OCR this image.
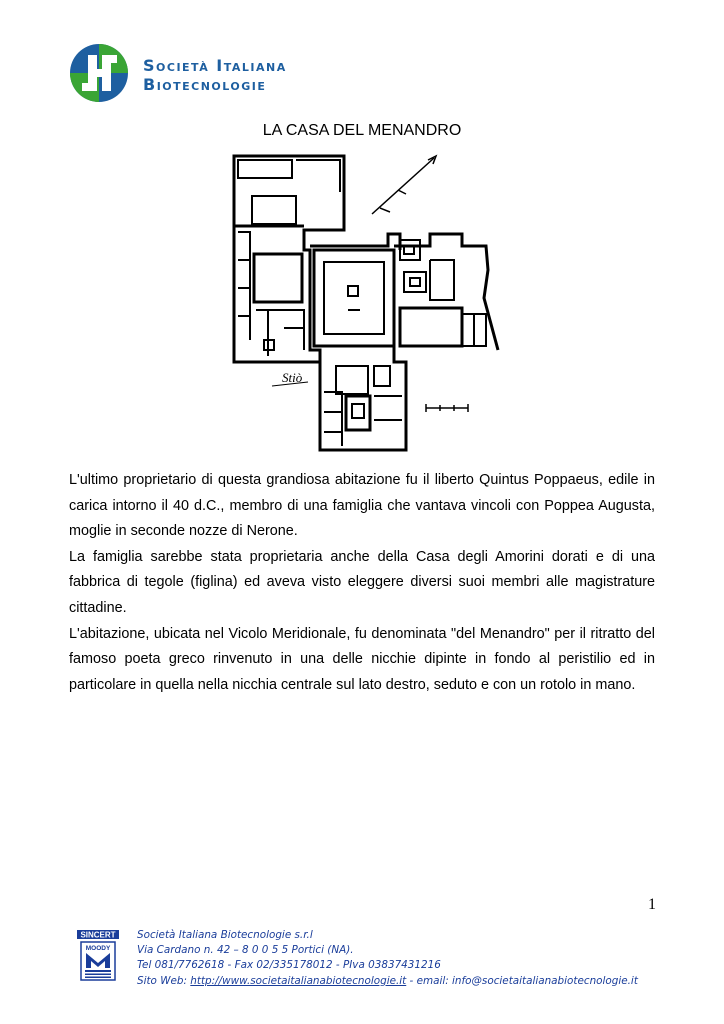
Società Italiana
Biotecnologie
LA CASA DEL MENANDRO
Stiò

L'ultimo proprietario di questa grandiosa abitazione fu il liberto Quintus Poppaeus, edile in carica intorno il 40 d.C., membro di una famiglia che vantava vincoli con Poppea Augusta, moglie in seconde nozze di Nerone.

La famiglia sarebbe stata proprietaria anche della Casa degli Amorini dorati e di una fabbrica di tegole (figlina) ed aveva visto eleggere diversi suoi membri alle magistrature cittadine.

L'abitazione, ubicata nel Vicolo Meridionale, fu denominata "del Menandro" per il ritratto del famoso poeta greco rinvenuto in una delle nicchie dipinte in fondo al peristilio ed in particolare in quella nella nicchia centrale sul lato destro, seduto e con un rotolo in mano.

1
SINCERT
MOODY
Società Italiana Biotecnologie s.r.l
Via Cardano n. 42 – 8 0 0 5 5 Portici (NA).
Tel 081/7762618 - Fax 02/335178012 - PIva 03837431216
Sito Web: http://www.societaitalianabiotecnologie.it - email: info@societaitalianabiotecnologie.it
